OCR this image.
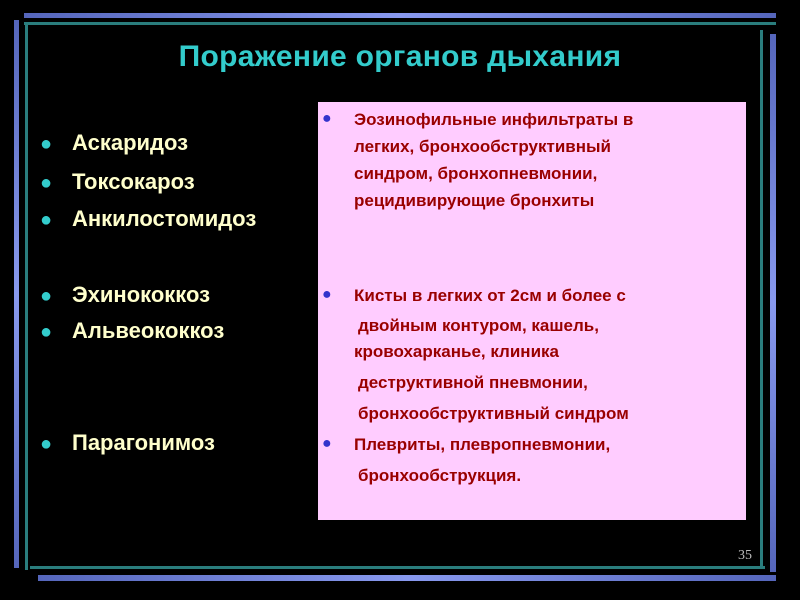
Поражение органов дыхания
● Аскаридоз
● Токсокароз
● Анкилостомидоз
● Эхинококкоз
● Альвеококкоз
● Парагонимоз
● Эозинофильные инфильтраты в
легких, бронхообструктивный
синдром, бронхопневмонии,
рецидивирующие бронхиты
● Кисты в легких от 2см и более с
двойным контуром, кашель,
кровохарканье, клиника
деструктивной пневмонии,
бронхообструктивный синдром
● Плевриты, плевропневмонии,
бронхообструкция.
35
